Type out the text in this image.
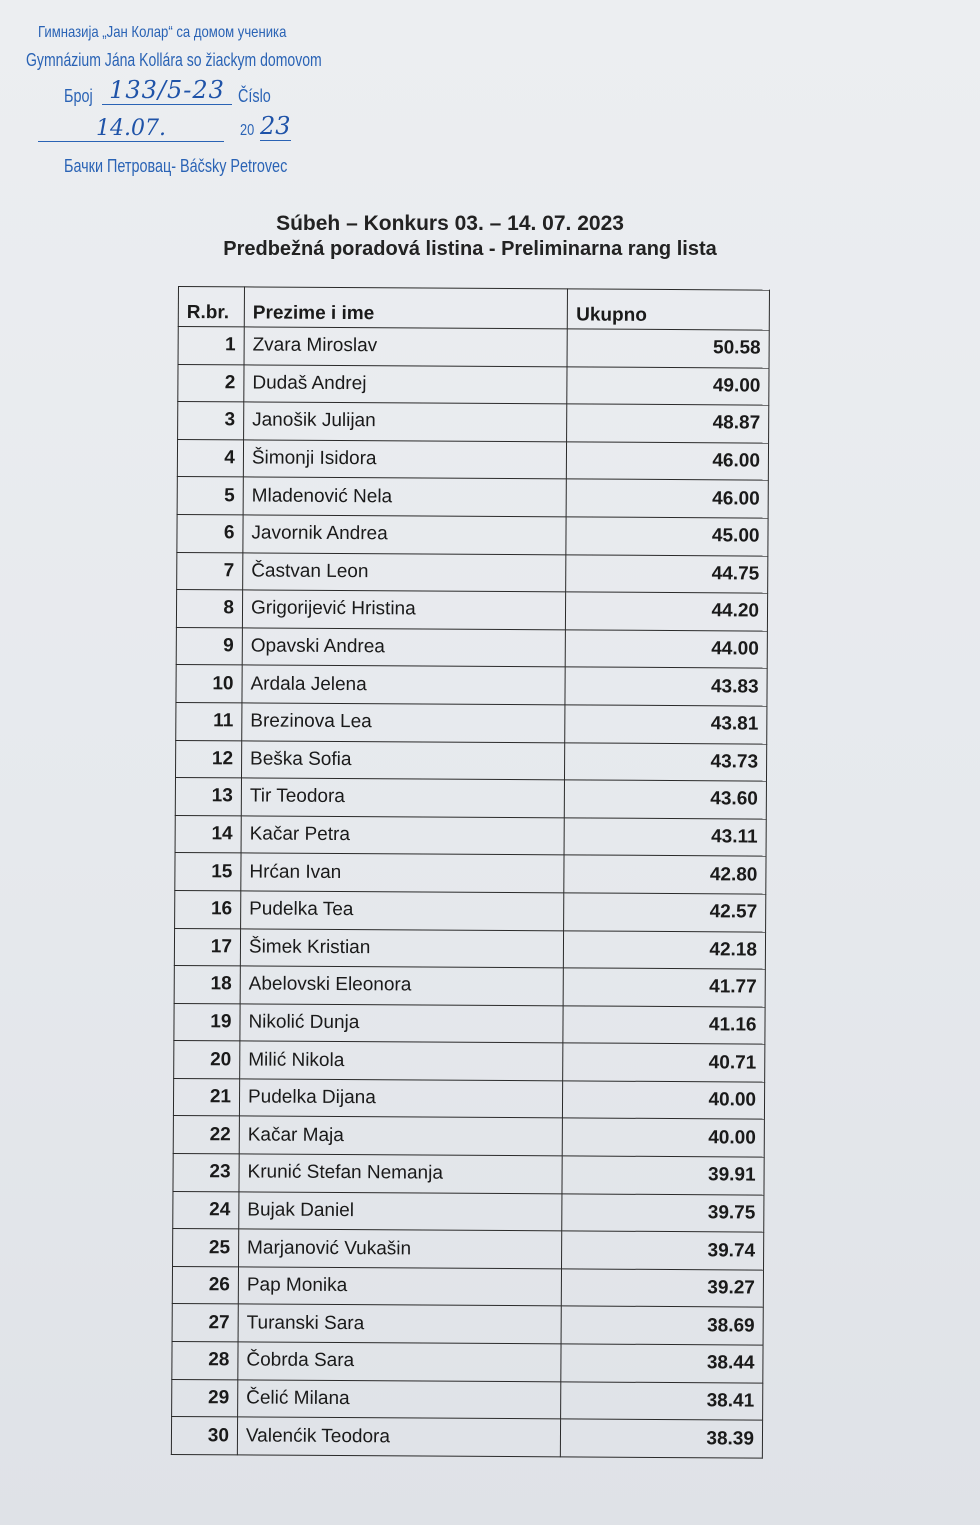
Гимназија „Јан Колар“ са домом ученика
Gymnázium Jána Kollára so žiackym domovom
Број 133/5-23 Číslo
14.07.	20 23
Бачки Петровац- Báčsky Petrovec
Súbeh – Konkurs 03. – 14. 07. 2023
Predbežná poradová listina - Preliminarna rang lista
R.br.	Prezime i ime	Ukupno
1	Zvara Miroslav	50.58
2	Dudaš Andrej	49.00
3	Janošik Julijan	48.87
4	Šimonji Isidora	46.00
5	Mladenović Nela	46.00
6	Javornik Andrea	45.00
7	Častvan Leon	44.75
8	Grigorijević Hristina	44.20
9	Opavski Andrea	44.00
10	Ardala Jelena	43.83
11	Brezinova Lea	43.81
12	Beška Sofia	43.73
13	Tir Teodora	43.60
14	Kačar Petra	43.11
15	Hrćan Ivan	42.80
16	Pudelka Tea	42.57
17	Šimek Kristian	42.18
18	Abelovski Eleonora	41.77
19	Nikolić Dunja	41.16
20	Milić Nikola	40.71
21	Pudelka Dijana	40.00
22	Kačar Maja	40.00
23	Krunić Stefan Nemanja	39.91
24	Bujak Daniel	39.75
25	Marjanović Vukašin	39.74
26	Pap Monika	39.27
27	Turanski Sara	38.69
28	Čobrda Sara	38.44
29	Čelić Milana	38.41
30	Valenćik Teodora	38.39
